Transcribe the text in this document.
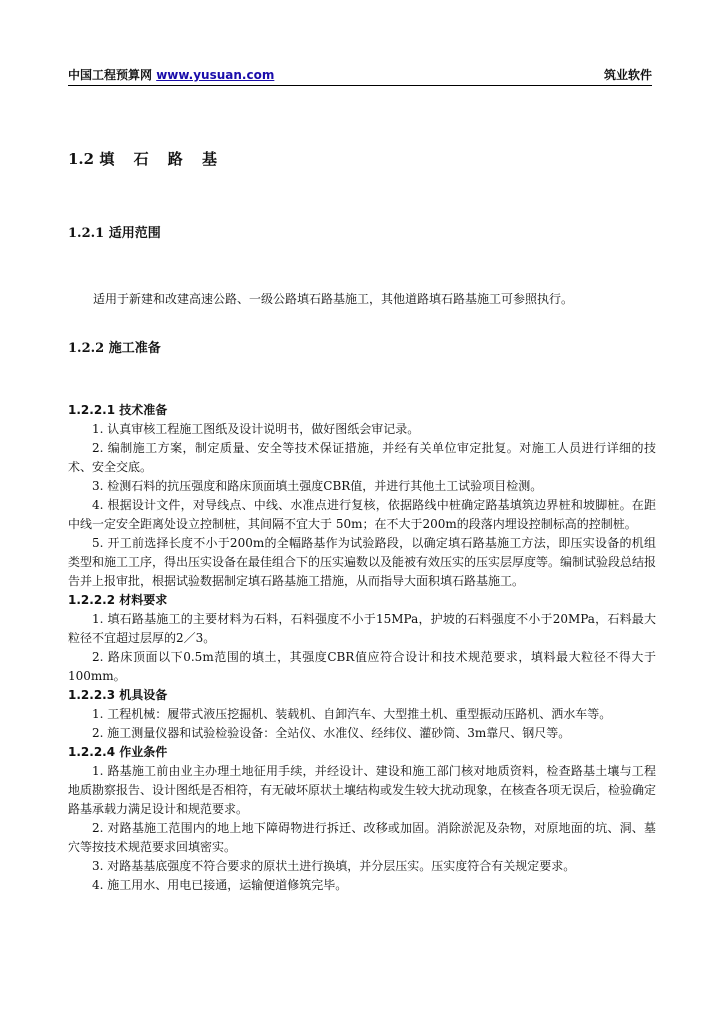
中国工程预算网 www.yusuan.com	筑业软件
1.2 填 石 路 基
1.2.1 适用范围

适用于新建和改建高速公路、一级公路填石路基施工，其他道路填石路基施工可参照执行。

1.2.2 施工准备

1.2.2.1 技术准备

1. 认真审核工程施工图纸及设计说明书，做好图纸会审记录。

2. 编制施工方案，制定质量、安全等技术保证措施，并经有关单位审定批复。对施工人员进行详细的技术、安全交底。

3. 检测石料的抗压强度和路床顶面填土强度CBR值，并进行其他土工试验项目检测。

4. 根据设计文件，对导线点、中线、水准点进行复核，依据路线中桩确定路基填筑边界桩和坡脚桩。在距中线一定安全距离处设立控制桩，其间隔不宜大于 50m；在不大于200m的段落内埋设控制标高的控制桩。

5. 开工前选择长度不小于200m的全幅路基作为试验路段，以确定填石路基施工方法，即压实设备的机组类型和施工工序，得出压实设备在最佳组合下的压实遍数以及能被有效压实的压实层厚度等。编制试验段总结报告并上报审批，根据试验数据制定填石路基施工措施，从而指导大面积填石路基施工。

1.2.2.2 材料要求

1. 填石路基施工的主要材料为石料，石料强度不小于15MPa，护坡的石料强度不小于20MPa，石料最大粒径不宜超过层厚的2／3。

2. 路床顶面以下0.5m范围的填土，其强度CBR值应符合设计和技术规范要求，填料最大粒径不得大于100mm。

1.2.2.3 机具设备

1. 工程机械：履带式液压挖掘机、装载机、自卸汽车、大型推土机、重型振动压路机、洒水车等。

2. 施工测量仪器和试验检验设备：全站仪、水准仪、经纬仪、灌砂筒、3m靠尺、钢尺等。

1.2.2.4 作业条件

1. 路基施工前由业主办理土地征用手续，并经设计、建设和施工部门核对地质资料，检查路基土壤与工程地质勘察报告、设计图纸是否相符，有无破坏原状土壤结构或发生较大扰动现象，在核查各项无误后，检验确定路基承载力满足设计和规范要求。

2. 对路基施工范围内的地上地下障碍物进行拆迁、改移或加固。消除淤泥及杂物，对原地面的坑、洞、墓穴等按技术规范要求回填密实。

3. 对路基基底强度不符合要求的原状土进行换填，并分层压实。压实度符合有关规定要求。

4. 施工用水、用电已接通，运输便道修筑完毕。
